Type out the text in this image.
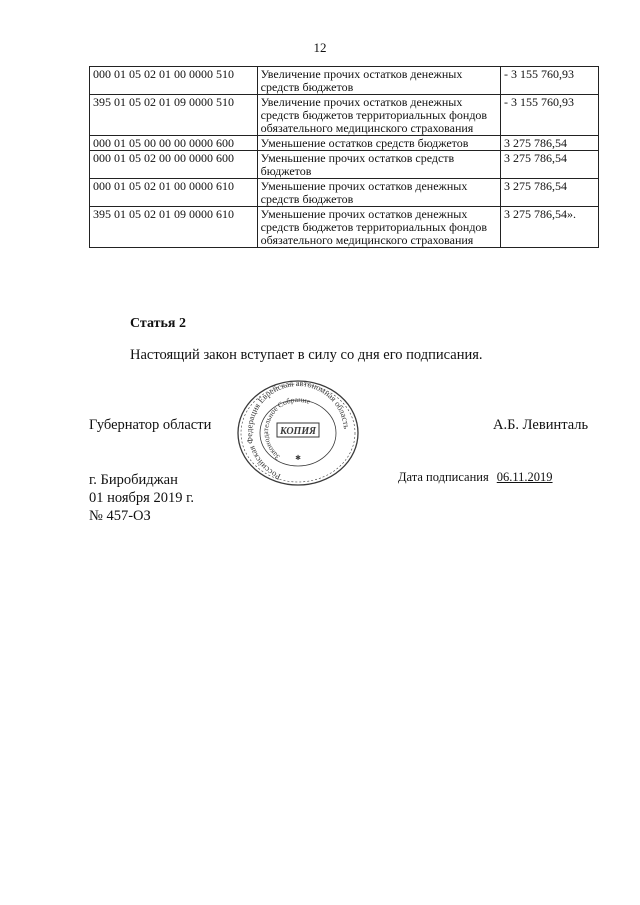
12
000 01 05 02 01 00 0000 510	Увеличение прочих остатков денежных средств бюджетов	- 3 155 760,93
395 01 05 02 01 09 0000 510	Увеличение прочих остатков денежных средств бюджетов территориальных фондов обязательного медицинского страхования	- 3 155 760,93
000 01 05 00 00 00 0000 600	Уменьшение остатков средств бюджетов	3 275 786,54
000 01 05 02 00 00 0000 600	Уменьшение прочих остатков средств бюджетов	3 275 786,54
000 01 05 02 01 00 0000 610	Уменьшение прочих остатков денежных средств бюджетов	3 275 786,54
395 01 05 02 01 09 0000 610	Уменьшение прочих остатков денежных средств бюджетов территориальных фондов обязательного медицинского страхования	3 275 786,54».
Статья 2
Настоящий закон вступает в силу со дня его подписания.
Губернатор области	А.Б. Левинталь
Российская Федерация Еврейская автономная область
Законодательное Собрание
КОПИЯ
✱
г. Биробиджан
01 ноября 2019 г.
№ 457-ОЗ
Дата подписания 06.11.2019
